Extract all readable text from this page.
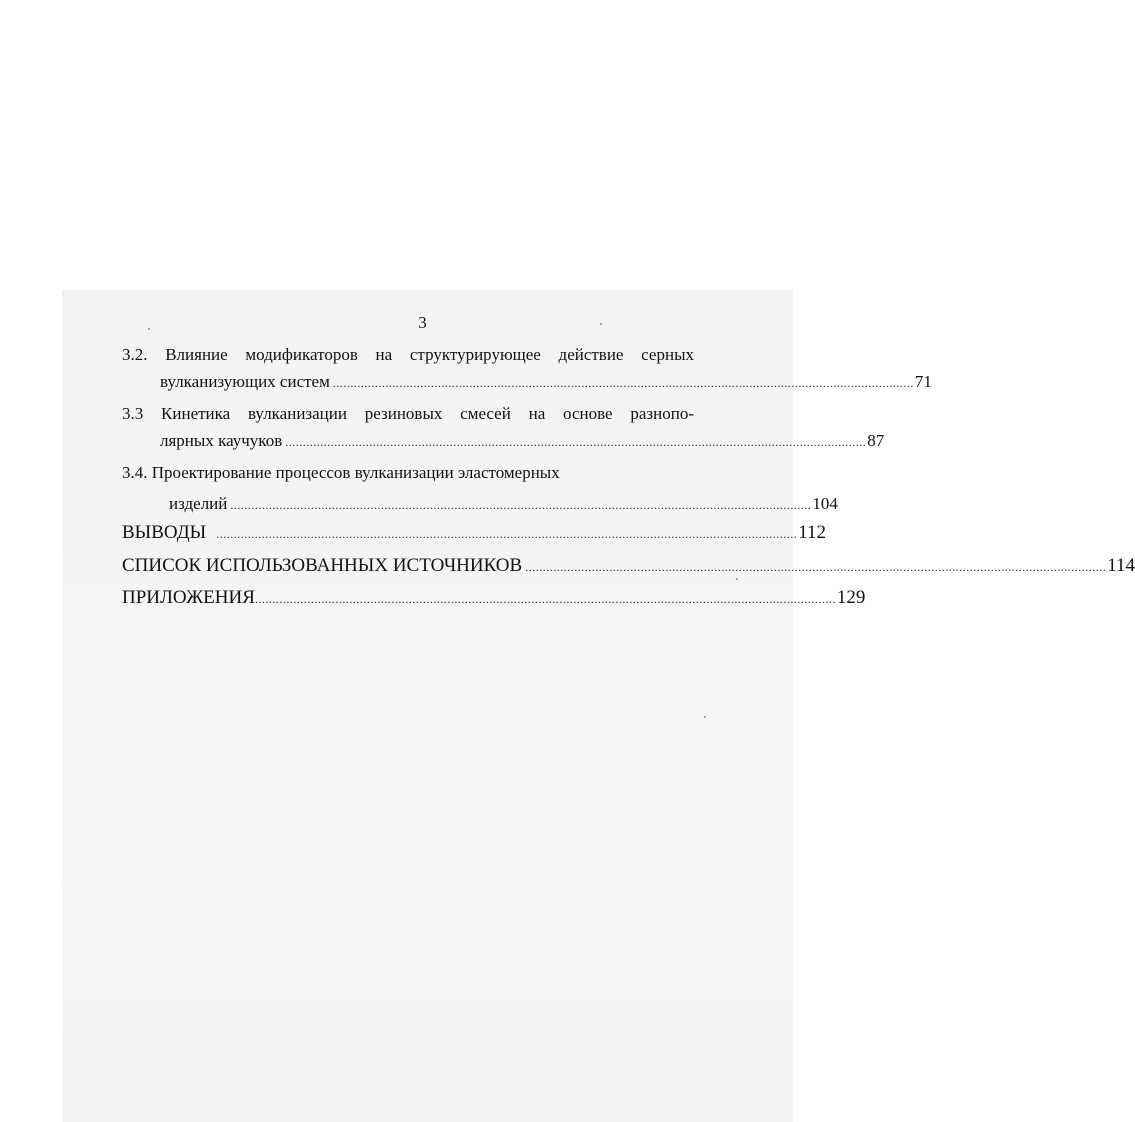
3
3.2. Влияние модификаторов на структурирующее действие серных
вулканизующих систем ...................................................................................................................................................................... 71
3.3 Кинетика вулканизации резиновых смесей на основе разнопо-
лярных каучуков ...................................................................................................................................................................... 87
3.4. Проектирование процессов вулканизации эластомерных
изделий ...................................................................................................................................................................... 104
ВЫВОДЫ ...................................................................................................................................................................... 112
СПИСОК ИСПОЛЬЗОВАННЫХ ИСТОЧНИКОВ ...................................................................................................................................................................... 114
ПРИЛОЖЕНИЯ ...................................................................................................................................................................... 129
